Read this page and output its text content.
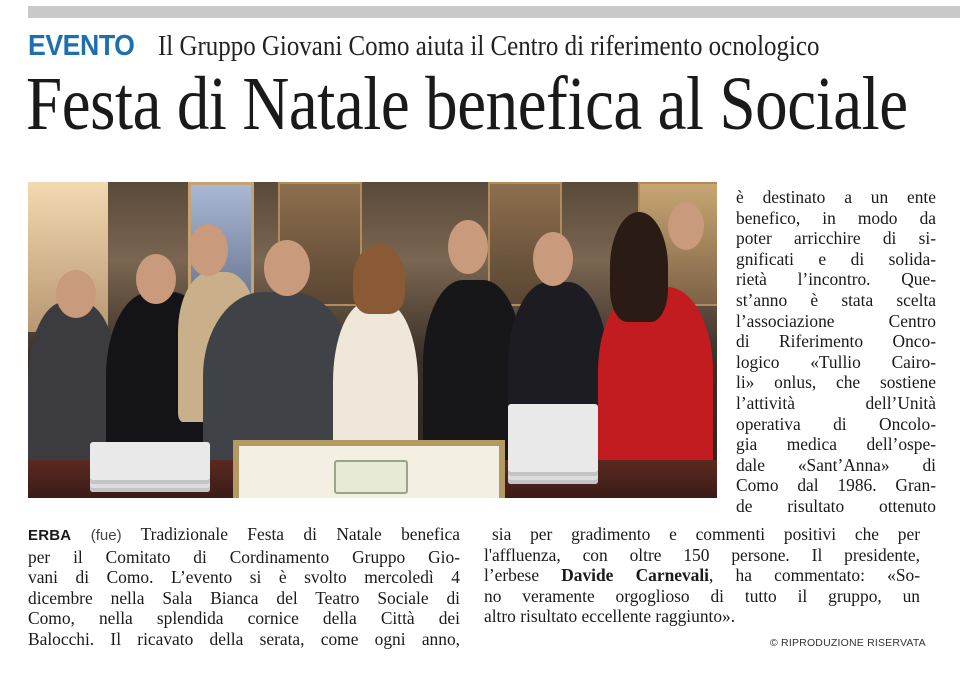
EVENTO Il Gruppo Giovani Como aiuta il Centro di riferimento ocnologico
Festa di Natale benefica al Sociale
è destinato a un ente
benefico, in modo da
poter arricchire di si-
gnificati e di solida-
rietà l’incontro. Que-
st’anno è stata scelta
l’associazione Centro
di Riferimento Onco-
logico «Tullio Cairo-
li» onlus, che sostiene
l’attività dell’Unità
operativa di Oncolo-
gia medica dell’ospe-
dale «Sant’Anna» di
Como dal 1986. Gran-
de risultato ottenuto
ERBA (fue) Tradizionale Festa di Natale benefica
per il Comitato di Cordinamento Gruppo Gio-
vani di Como. L’evento si è svolto mercoledì 4
dicembre nella Sala Bianca del Teatro Sociale di
Como, nella splendida cornice della Città dei
Balocchi. Il ricavato della serata, come ogni anno,
sia per gradimento e commenti positivi che per
l'affluenza, con oltre 150 persone. Il presidente,
l’erbese Davide Carnevali, ha commentato: «So-
no veramente orgoglioso di tutto il gruppo, un
altro risultato eccellente raggiunto».
© RIPRODUZIONE RISERVATA
